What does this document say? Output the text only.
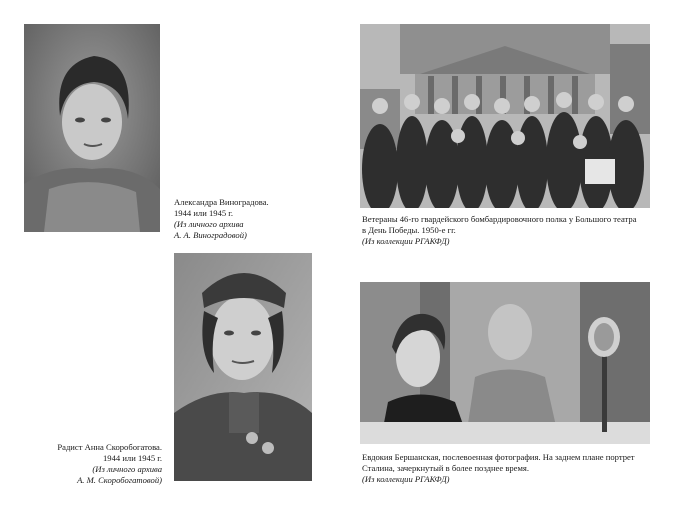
Александра Виноградова.
1944 или 1945 г.
(Из личного архива
А. А. Виноградовой)
Ветераны 46-го гвардейского бомбардировочного полка у Большого театра
в День Победы. 1950-е гг.
(Из коллекции РГАКФД)
Радист Анна Скоробогатова.
1944 или 1945 г.
(Из личного архива
А. М. Скоробогатовой)
Евдокия Бершанская, послевоенная фотография. На заднем плане портрет
Сталина, зачеркнутый в более позднее время.
(Из коллекции РГАКФД)
